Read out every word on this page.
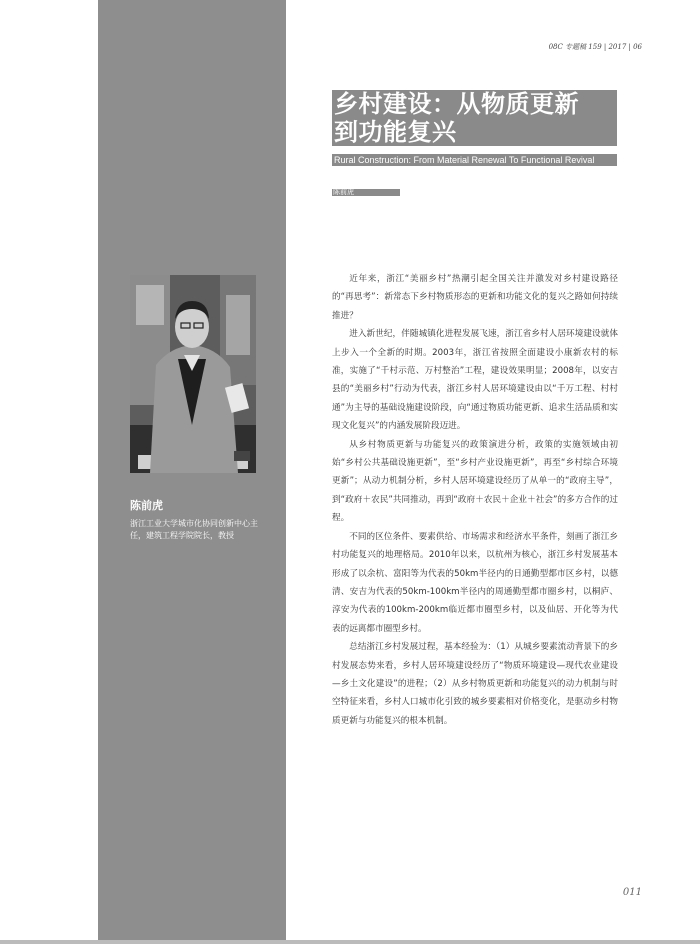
陈前虎
浙江工业大学城市化协同创新中心主任，建筑工程学院院长，教授
08C 专题稿 159 | 2017 | 06
乡村建设：从物质更新
到功能复兴
Rural Construction: From Material Renewal To Functional Revival
陈前虎

近年来，浙江“美丽乡村”热潮引起全国关注并激发对乡村建设路径的“再思考”：新常态下乡村物质形态的更新和功能文化的复兴之路如何持续推进？

进入新世纪，伴随城镇化进程发展飞速，浙江省乡村人居环境建设就体上步入一个全新的时期。2003年，浙江省按照全面建设小康新农村的标准，实施了“千村示范、万村整治”工程，建设效果明显；2008年，以安吉县的“美丽乡村”行动为代表，浙江乡村人居环境建设由以“千万工程、村村通”为主导的基础设施建设阶段，向“通过物质功能更新、追求生活品质和实现文化复兴”的内涵发展阶段迈进。

从乡村物质更新与功能复兴的政策演进分析，政策的实施领域由初始“乡村公共基础设施更新”，至“乡村产业设施更新”，再至“乡村综合环境更新”；从动力机制分析，乡村人居环境建设经历了从单一的“政府主导”，到“政府＋农民”共同推动，再到“政府＋农民＋企业＋社会”的多方合作的过程。

不同的区位条件、要素供给、市场需求和经济水平条件，刻画了浙江乡村功能复兴的地理格局。2010年以来，以杭州为核心，浙江乡村发展基本形成了以余杭、富阳等为代表的50km半径内的日通勤型都市区乡村，以德清、安吉为代表的50km-100km半径内的周通勤型都市圈乡村，以桐庐、淳安为代表的100km-200km临近都市圈型乡村，以及仙居、开化等为代表的远离都市圈型乡村。

总结浙江乡村发展过程，基本经验为：（1）从城乡要素流动背景下的乡村发展态势来看，乡村人居环境建设经历了“物质环境建设—现代农业建设—乡土文化建设”的进程；（2）从乡村物质更新和功能复兴的动力机制与时空特征来看，乡村人口城市化引致的城乡要素相对价格变化，是驱动乡村物质更新与功能复兴的根本机制。

011
